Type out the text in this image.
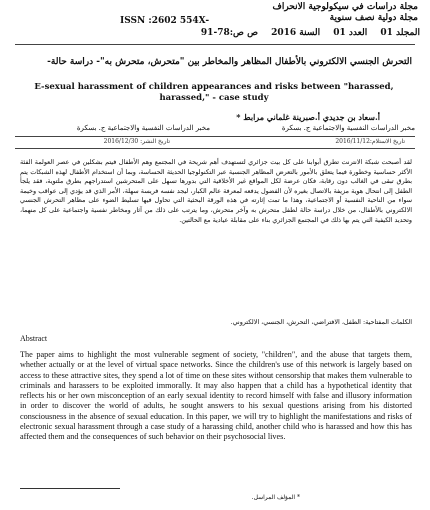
مجلة دراسات في سيكولوجية الانحراف
مجلة دولية نصف سنوية
ISSN :2602 554X-
المجلد 01 العدد 01 السنة 2016 ص ص:78-91
التحرش الجنسي الالكتروني بالأطفال المظاهر والمخاطر بين "متحرش، متحرش به"- دراسة حالة-
E-sexual harassment of children appearances and risks between "harassed, harassed," - case study
أ.سعاد بن جديدي أ.صبرينة غلماني مرابط *
مخبر الدراسات النفسية والاجتماعية ج. بسكرة
مخبر الدراسات النفسية والاجتماعية ج. بسكرة
تاريخ الاستلام:2016/11/12
تاريخ النشر: 2016/12/30
لقد أصبحت شبكة الانترنت تطرق أبوابنا على كل بيت جزائري لتستهدف أهم شريحة في المجتمع وهم الأطفال فيتم بشكلين في عصر العولمة الفئة الأكثر حساسية وخطورة فيما يتعلق بالأمور بالتعرض المظاهر الجنسية عبر التكنولوجيا الحديثة الحساسة، وبما أن استخدام الأطفال لهذه الشبكات يتم بطرق تبقى في الغالب دون رقابة، فكان عرضة لكل المواقع غير الأخلاقية التي بدورها تسهل على المتحرشين استدراجهم بطرق ملتوية، فقد يلجأ الطفل إلى انتحال هوية مزيفة بالاتصال بغيره لأن الفضول يدفعه لمعرفة عالم الكبار، ليجد نفسه فريسة سهلة، الأمر الذي قد يؤدي إلى عواقب وخيمة سواء من الناحية النفسية أو الاجتماعية، وهذا ما تمت إثارته في هذه الورقة البحثية التي تحاول فيها تسليط الضوء على مظاهر التحرش الجنسي الالكتروني بالأطفال، من خلال دراسة حالة لطفل متحرش به وآخر متحرش، وما يترتب على ذلك من آثار ومخاطر نفسية واجتماعية على كل منهما، وتحديد الكيفية التي يتم بها ذلك في المجتمع الجزائري بناء على مقابلة عيادية مع الحالتين.
الكلمات المفتاحية: الطفل، الافتراضي، التحرش، الجنسي، الالكتروني.
Abstract
The paper aims to highlight the most vulnerable segment of society, "children", and the abuse that targets them, whether actually or at the level of virtual space networks. Since the children's use of this network is largely based on access to these attractive sites, they spend a lot of time on these sites without censorship that makes them vulnerable to criminals and harassers to be exploited immorally. It may also happen that a child has a hypothetical identity that reflects his or her own misconception of an early sexual identity to record himself with false and illusory information in order to discover the world of adults, he sought answers to his sexual questions arising from his distorted consciousness in the absence of sexual education. In this paper, we will try to highlight the manifestations and risks of electronic sexual harassment through a case study of a harassing child, another child who is harassed and how this has affected them and the consequences of such behavior on their psychosocial lives.
* المؤلف المراسل.
